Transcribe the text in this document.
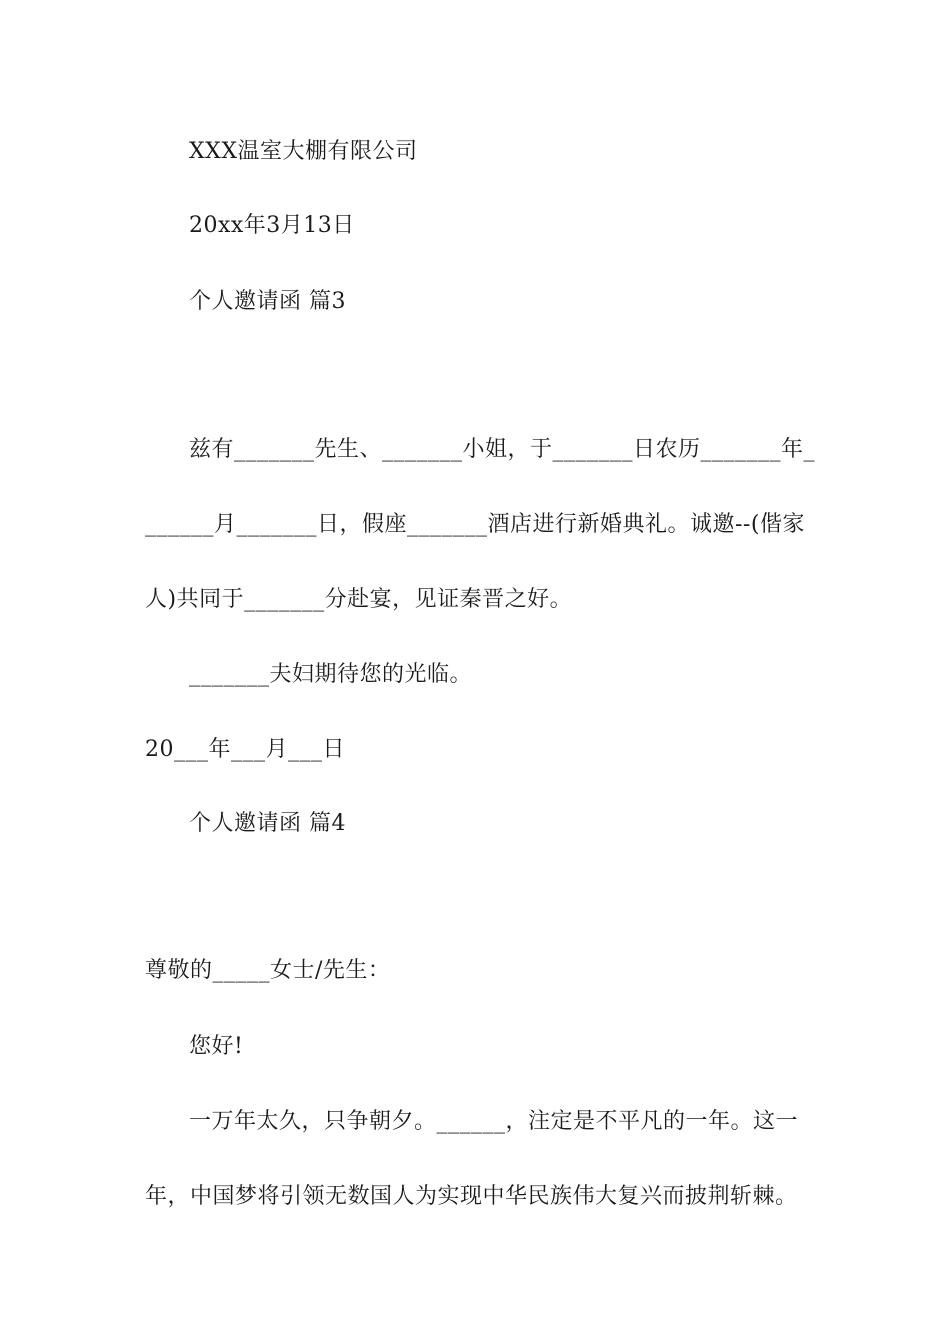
XXX温室大棚有限公司
20xx年3月13日
个人邀请函 篇3
兹有_______先生、_______小姐，于_______日农历_______年_
______月_______日，假座_______酒店进行新婚典礼。诚邀--(偕家
人)共同于_______分赴宴，见证秦晋之好。
_______夫妇期待您的光临。
20___年___月___日
个人邀请函 篇4
尊敬的_____女士/先生：
您好!
一万年太久，只争朝夕。______，注定是不平凡的一年。这一
年，中国梦将引领无数国人为实现中华民族伟大复兴而披荆斩棘。
